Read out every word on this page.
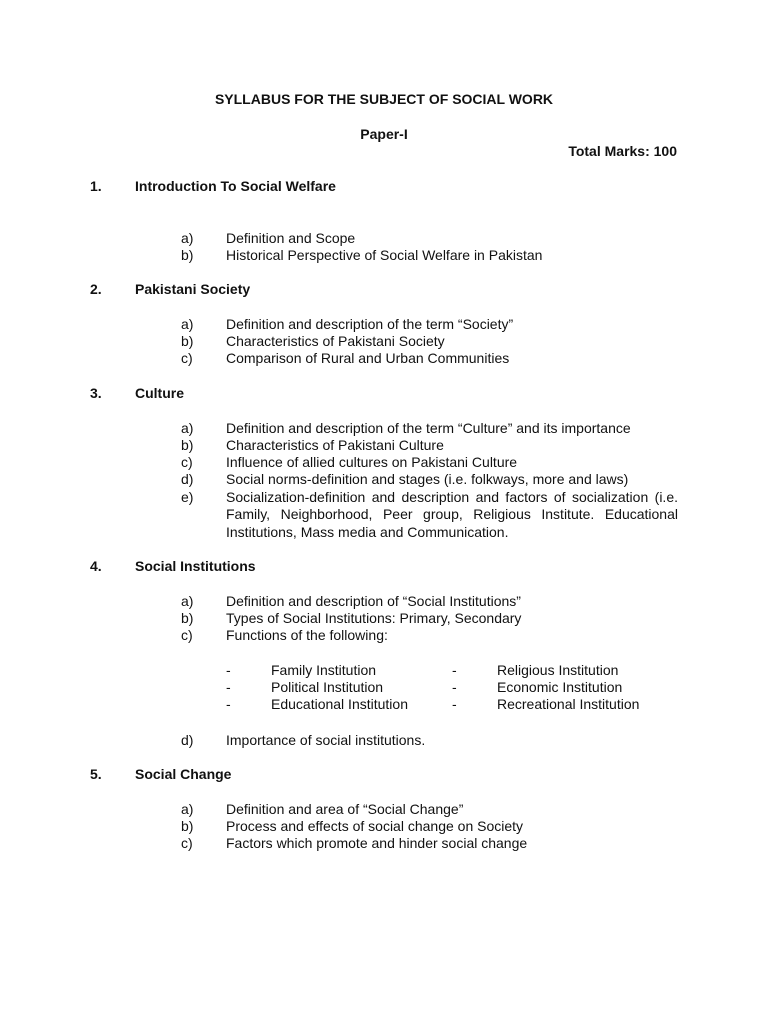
SYLLABUS FOR THE SUBJECT OF SOCIAL WORK
Paper-I
Total Marks: 100
1.	Introduction To Social Welfare
a) Definition and Scope
b) Historical Perspective of Social Welfare in Pakistan
2.	Pakistani Society
a) Definition and description of the term “Society”
b) Characteristics of Pakistani Society
c) Comparison of Rural and Urban Communities
3.	Culture
a) Definition and description of the term “Culture” and its importance
b) Characteristics of Pakistani Culture
c) Influence of allied cultures on Pakistani Culture
d) Social norms-definition and stages (i.e. folkways, more and laws)
e) Socialization-definition and description and factors of socialization (i.e. Family, Neighborhood, Peer group, Religious Institute. Educational Institutions, Mass media and Communication.
4.	Social Institutions
a) Definition and description of “Social Institutions”
b) Types of Social Institutions: Primary, Secondary
c) Functions of the following:
-	Family Institution	-	Religious Institution
-	Political Institution	-	Economic Institution
-	Educational Institution	-	Recreational Institution
d) Importance of social institutions.
5.	Social Change
a) Definition and area of “Social Change”
b) Process and effects of social change on Society
c) Factors which promote and hinder social change
